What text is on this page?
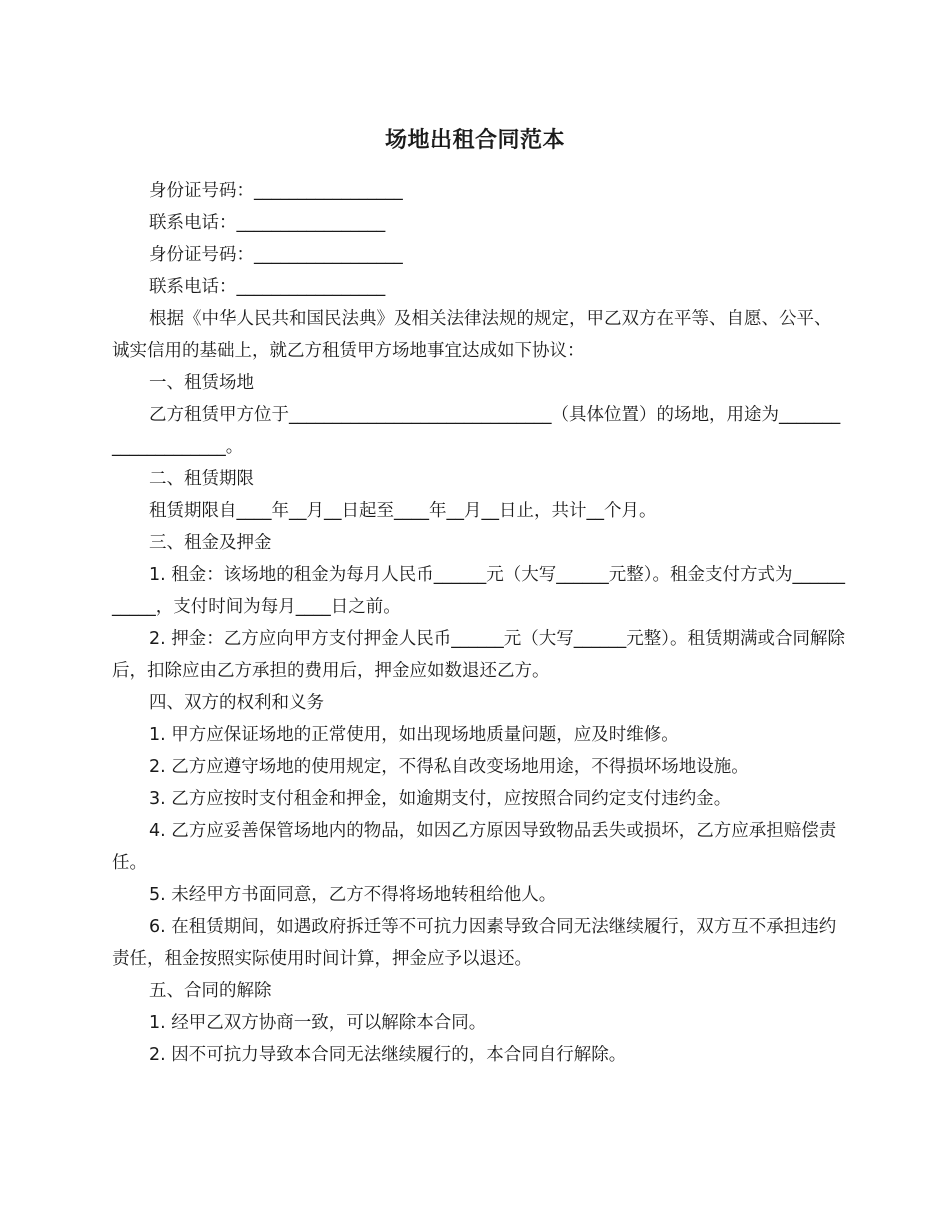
场地出租合同范本

身份证号码：_________________

联系电话：_________________

身份证号码：_________________

联系电话：_________________

根据《中华人民共和国民法典》及相关法律法规的规定，甲乙双方在平等、自愿、公平、诚实信用的基础上，就乙方租赁甲方场地事宜达成如下协议：

一、租赁场地

乙方租赁甲方位于______________________________（具体位置）的场地，用途为____________________。

二、租赁期限

租赁期限自____年__月__日起至____年__月__日止，共计__个月。

三、租金及押金

1. 租金：该场地的租金为每月人民币______元（大写______元整）。租金支付方式为___________，支付时间为每月____日之前。

2. 押金：乙方应向甲方支付押金人民币______元（大写______元整）。租赁期满或合同解除后，扣除应由乙方承担的费用后，押金应如数退还乙方。

四、双方的权利和义务

1. 甲方应保证场地的正常使用，如出现场地质量问题，应及时维修。

2. 乙方应遵守场地的使用规定，不得私自改变场地用途，不得损坏场地设施。

3. 乙方应按时支付租金和押金，如逾期支付，应按照合同约定支付违约金。

4. 乙方应妥善保管场地内的物品，如因乙方原因导致物品丢失或损坏，乙方应承担赔偿责任。

5. 未经甲方书面同意，乙方不得将场地转租给他人。

6. 在租赁期间，如遇政府拆迁等不可抗力因素导致合同无法继续履行，双方互不承担违约责任，租金按照实际使用时间计算，押金应予以退还。

五、合同的解除

1. 经甲乙双方协商一致，可以解除本合同。

2. 因不可抗力导致本合同无法继续履行的，本合同自行解除。
